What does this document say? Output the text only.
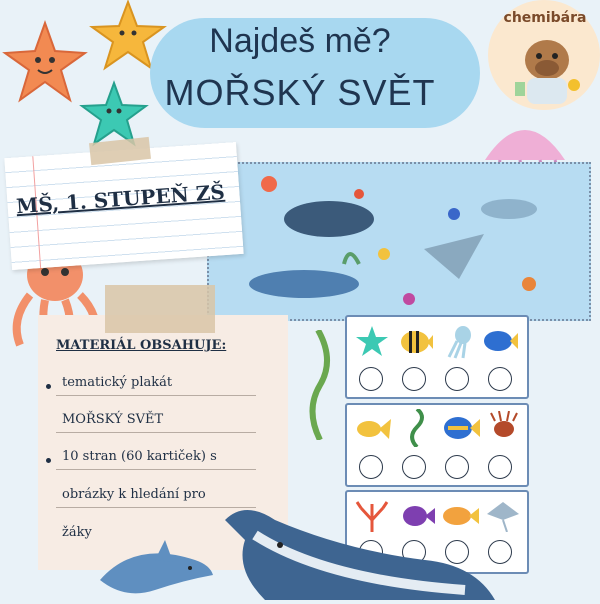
Najdeš mě?
MOŘSKÝ SVĚT
chemibára
MŠ, 1. STUPEŇ ZŠ
MATERIÁL OBSAHUJE:
tematický plakát
MOŘSKÝ SVĚT
10 stran (60 kartiček) s
obrázky k hledání pro
žáky
